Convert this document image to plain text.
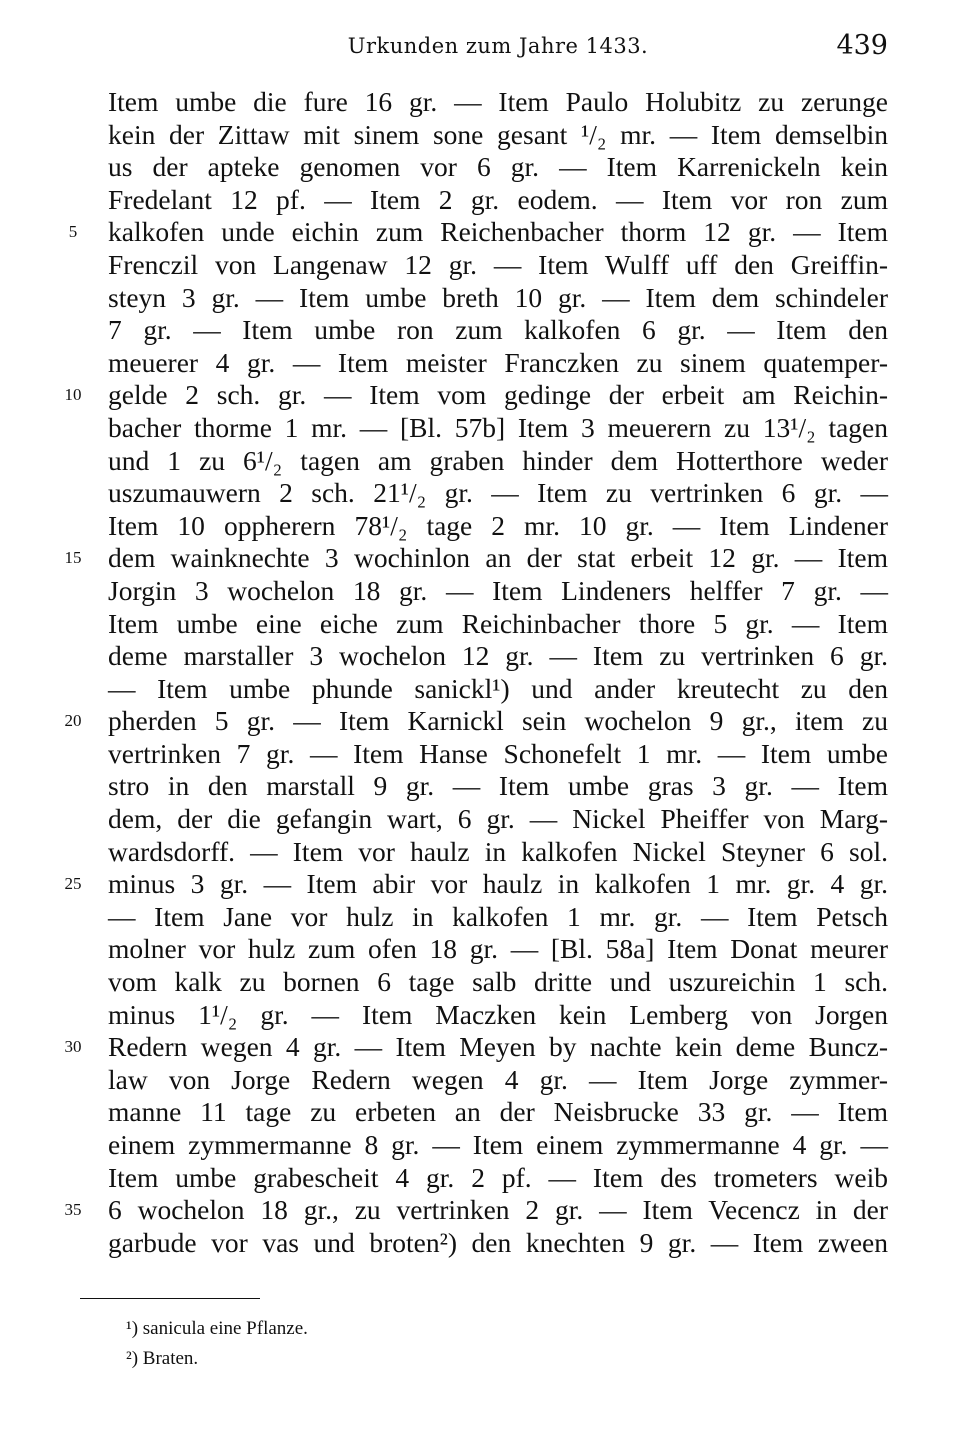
Urkunden zum Jahre 1433.	439
Item umbe die fure 16 gr. — Item Paulo Holubitz zu zerunge
kein der Zittaw mit sinem sone gesant ¹/₂ mr. — Item demselbin
us der apteke genomen vor 6 gr. — Item Karrenickeln kein
Fredelant 12 pf. — Item 2 gr. eodem. — Item vor ron zum
5	kalkofen unde eichin zum Reichenbacher thorm 12 gr. — Item
Frenczil von Langenaw 12 gr. — Item Wulff uff den Greiffin-
steyn 3 gr. — Item umbe breth 10 gr. — Item dem schindeler
7 gr. — Item umbe ron zum kalkofen 6 gr. — Item den
meuerer 4 gr. — Item meister Franczken zu sinem quatemper-
10 gelde 2 sch. gr. — Item vom gedinge der erbeit am Reichin-
bacher thorme 1 mr. — [Bl. 57b] Item 3 meuerern zu 13¹/₂ tagen
und 1 zu 6¹/₂ tagen am graben hinder dem Hotterthore weder
uszumauwern 2 sch. 21¹/₂ gr. — Item zu vertrinken 6 gr. —
Item 10 oppherern 78¹/₂ tage 2 mr. 10 gr. — Item Lindener
15 dem wainknechte 3 wochinlon an der stat erbeit 12 gr. — Item
Jorgin 3 wochelon 18 gr. — Item Lindeners helffer 7 gr. —
Item umbe eine eiche zum Reichinbacher thore 5 gr. — Item
deme marstaller 3 wochelon 12 gr. — Item zu vertrinken 6 gr.
— Item umbe phunde sanickl¹) und ander kreutecht zu den
20 pherden 5 gr. — Item Karnickl sein wochelon 9 gr., item zu
vertrinken 7 gr. — Item Hanse Schonefelt 1 mr. — Item umbe
stro in den marstall 9 gr. — Item umbe gras 3 gr. — Item
dem, der die gefangin wart, 6 gr. — Nickel Pheiffer von Marg-
wardsdorff. — Item vor haulz in kalkofen Nickel Steyner 6 sol.
25 minus 3 gr. — Item abir vor haulz in kalkofen 1 mr. gr. 4 gr.
— Item Jane vor hulz in kalkofen 1 mr. gr. — Item Petsch
molner vor hulz zum ofen 18 gr. — [Bl. 58a] Item Donat meurer
vom kalk zu bornen 6 tage salb dritte und uszureichin 1 sch.
minus 1¹/₂ gr. — Item Maczken kein Lemberg von Jorgen
30 Redern wegen 4 gr. — Item Meyen by nachte kein deme Buncz-
law von Jorge Redern wegen 4 gr. — Item Jorge zymmer-
manne 11 tage zu erbeten an der Neisbrucke 33 gr. — Item
einem zymmermanne 8 gr. — Item einem zymmermanne 4 gr. —
Item umbe grabescheit 4 gr. 2 pf. — Item des trometers weib
35 6 wochelon 18 gr., zu vertrinken 2 gr. — Item Vecencz in der
garbude vor vas und broten²) den knechten 9 gr. — Item zween
¹) sanicula eine Pflanze.
²) Braten.
